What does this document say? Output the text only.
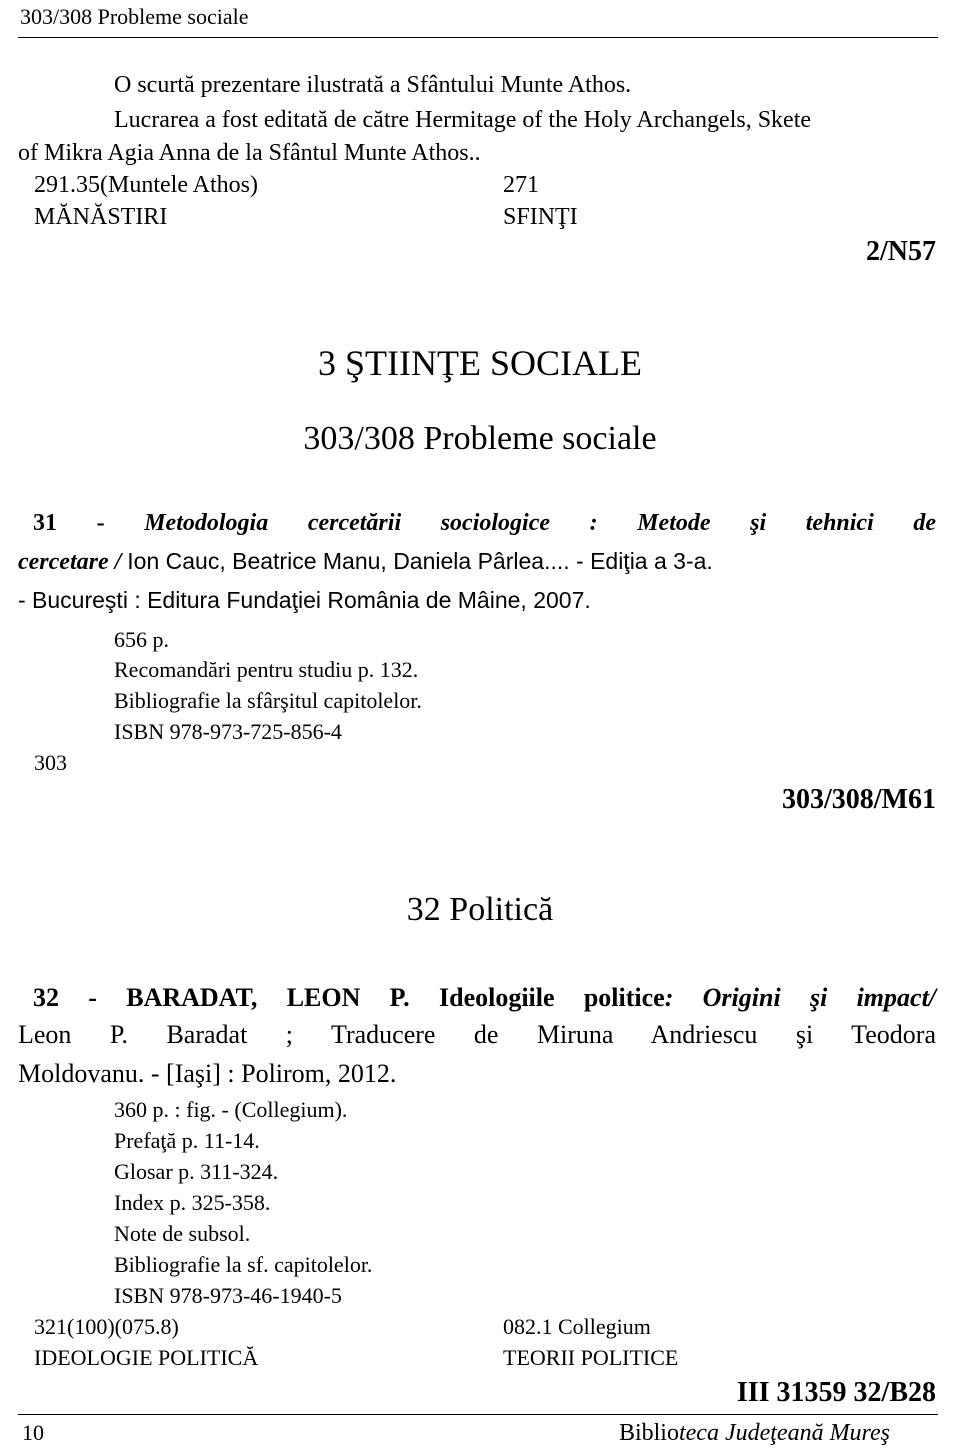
303/308 Probleme sociale
O scurtă prezentare ilustrată a Sfântului Munte Athos.
Lucrarea a fost editată de către Hermitage of the Holy Archangels, Skete
of Mikra Agia Anna de la Sfântul Munte Athos..
291.35(Muntele Athos)	271
MĂNĂSTIRI	SFINŢI
2/N57
3 ŞTIINŢE SOCIALE
303/308 Probleme sociale
31 - Metodologia cercetării sociologice : Metode şi tehnici de
cercetare / Ion Cauc, Beatrice Manu, Daniela Pârlea.... - Ediţia a 3-a.
- Bucureşti : Editura Fundaţiei România de Mâine, 2007.
656 p.
Recomandări pentru studiu p. 132.
Bibliografie la sfârşitul capitolelor.
ISBN 978-973-725-856-4
303
303/308/M61
32 Politică
32 - BARADAT, LEON P. Ideologiile politice: Origini şi impact/
Leon P. Baradat ; Traducere de Miruna Andriescu şi Teodora
Moldovanu. - [Iaşi] : Polirom, 2012.
360 p. : fig. - (Collegium).
Prefaţă p. 11-14.
Glosar p. 311-324.
Index p. 325-358.
Note de subsol.
Bibliografie la sf. capitolelor.
ISBN 978-973-46-1940-5
321(100)(075.8)	082.1 Collegium
IDEOLOGIE POLITICĂ	TEORII POLITICE
III 31359 32/B28
10	Biblioteca Judeţeană Mureş
